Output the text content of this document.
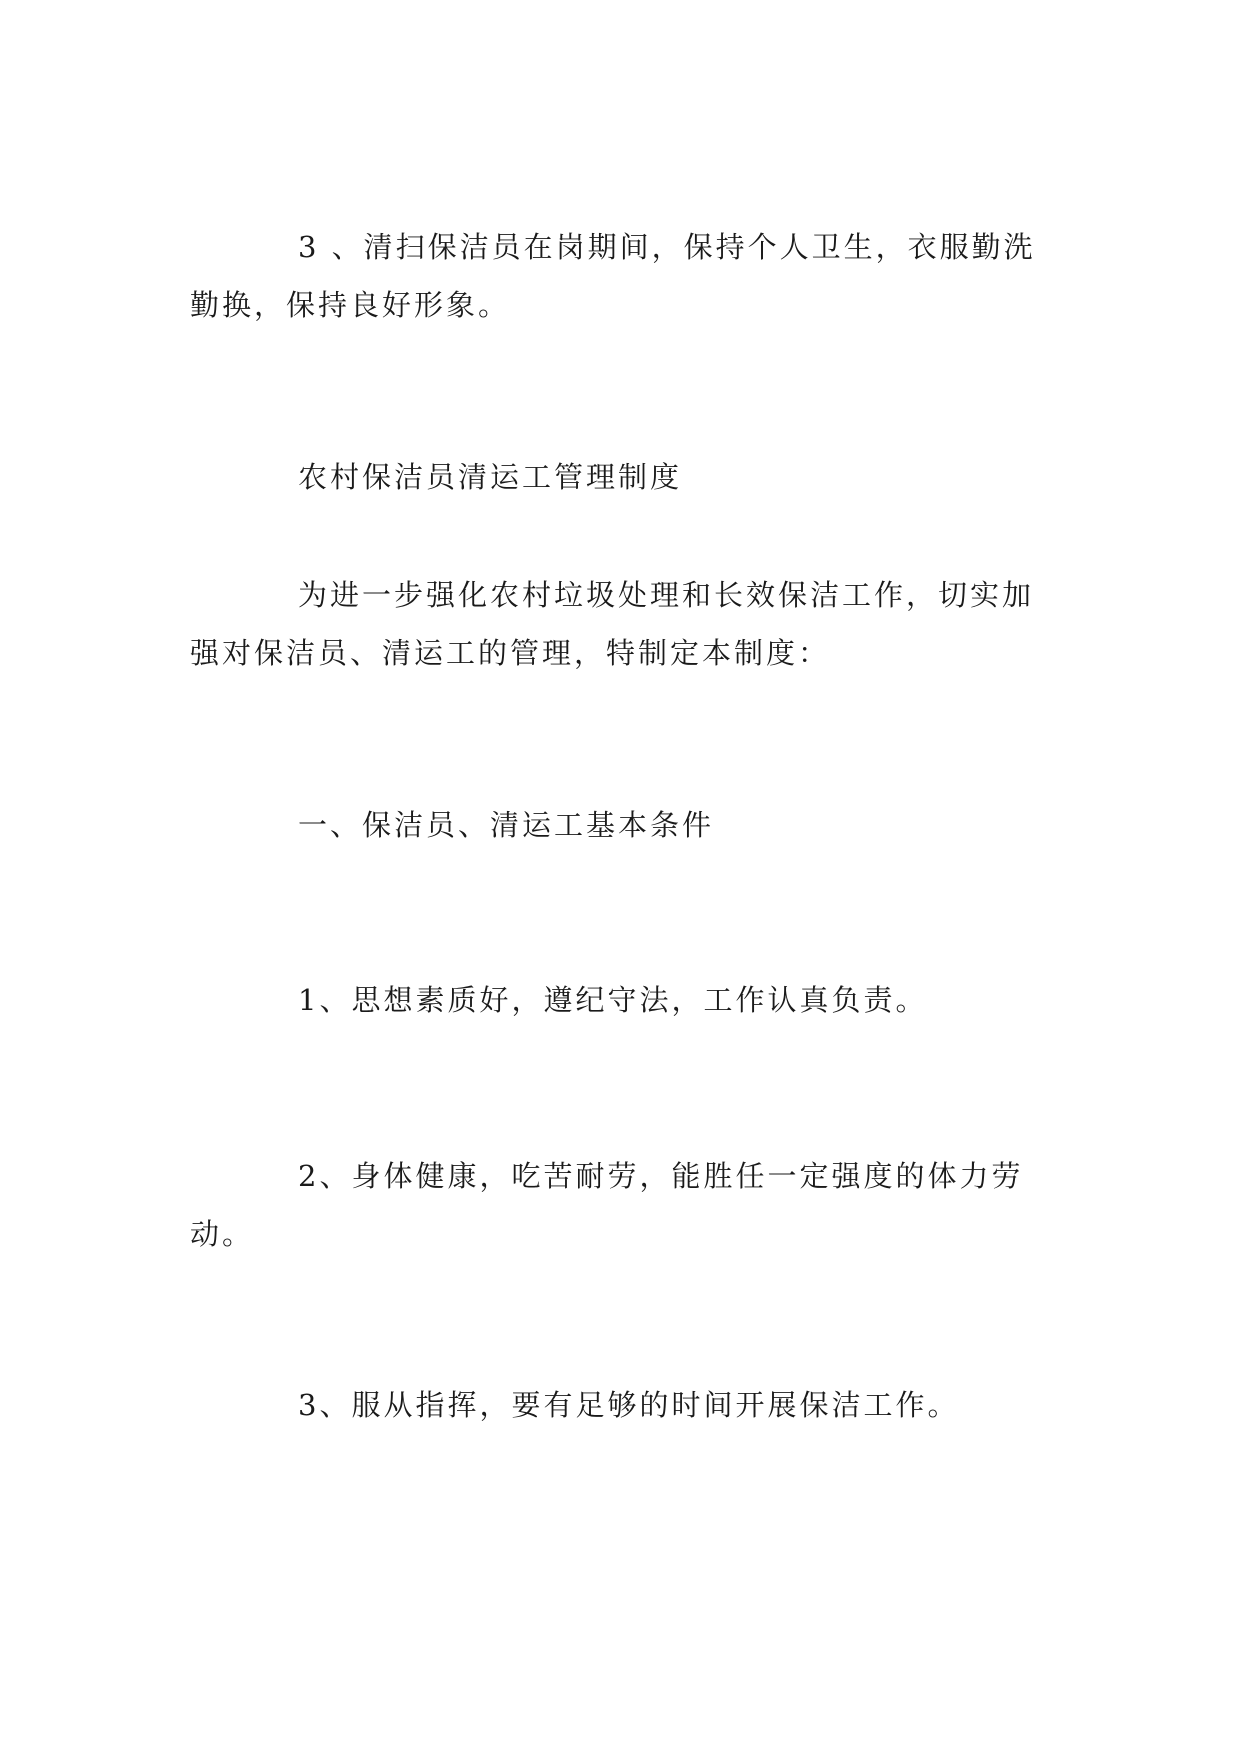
3 、清扫保洁员在岗期间，保持个人卫生，衣服勤洗勤换，保持良好形象。

农村保洁员清运工管理制度

为进一步强化农村垃圾处理和长效保洁工作，切实加强对保洁员、清运工的管理，特制定本制度：

一、保洁员、清运工基本条件

1、思想素质好，遵纪守法，工作认真负责。

2、身体健康，吃苦耐劳，能胜任一定强度的体力劳动。

3、服从指挥，要有足够的时间开展保洁工作。
